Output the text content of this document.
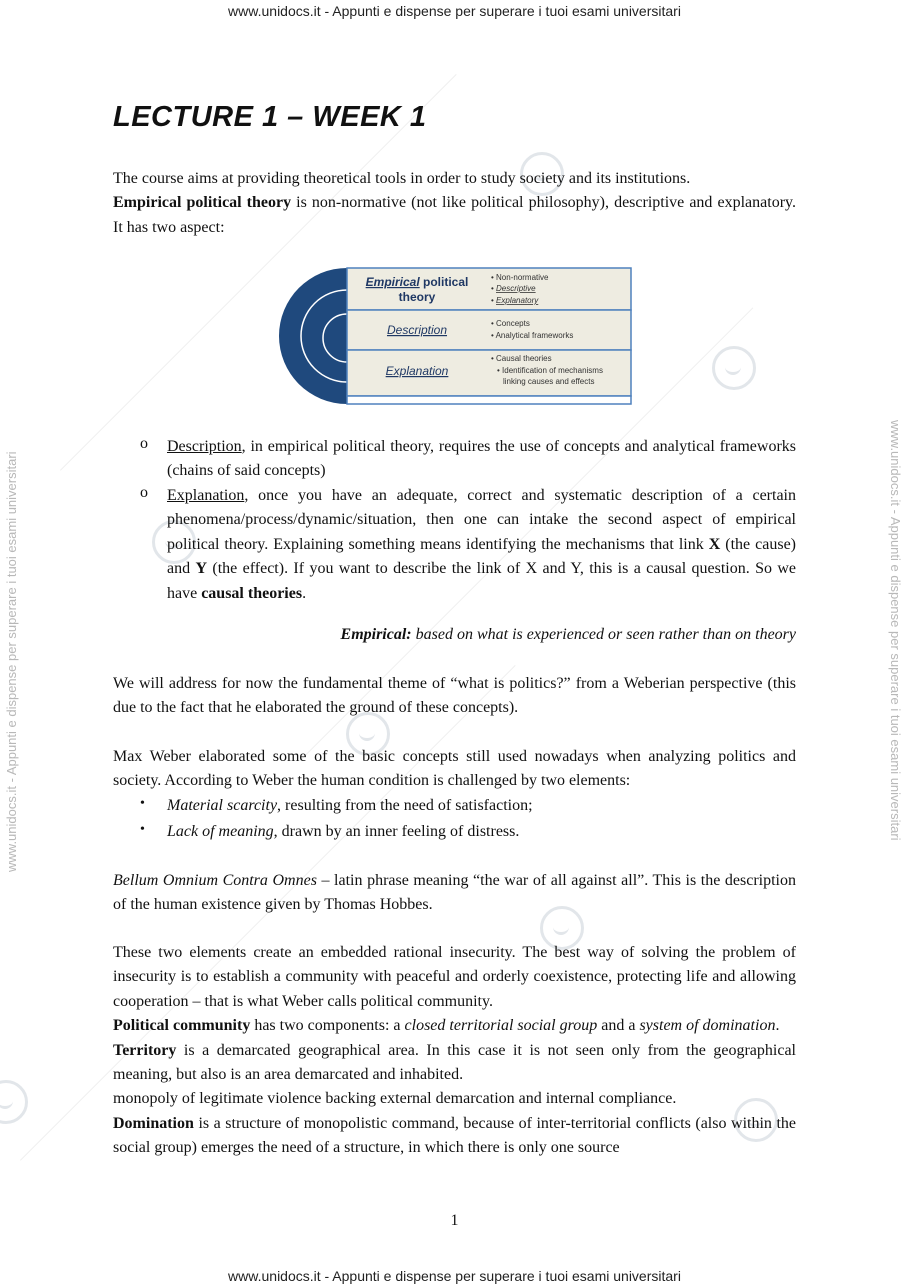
www.unidocs.it - Appunti e dispense per superare i tuoi esami universitari
www.unidocs.it - Appunti e dispense per superare i tuoi esami universitari
www.unidocs.it - Appunti e dispense per superare i tuoi esami universitari	www.unidocs.it - Appunti e dispense per superare i tuoi esami universitari
LECTURE 1 – WEEK 1
The course aims at providing theoretical tools in order to study society and its institutions.
Empirical political theory is non-normative (not like political philosophy), descriptive and explanatory. It has two aspect:
Empirical political
theory
Description
Explanation
• Non-normative
• Descriptive
• Explanatory
• Concepts
• Analytical frameworks
• Causal theories
• Identification of mechanisms
linking causes and effects
o Description, in empirical political theory, requires the use of concepts and analytical frameworks (chains of said concepts)
o Explanation, once you have an adequate, correct and systematic description of a certain phenomena/process/dynamic/situation, then one can intake the second aspect of empirical political theory. Explaining something means identifying the mechanisms that link X (the cause) and Y (the effect). If you want to describe the link of X and Y, this is a causal question. So we have causal theories.
Empirical: based on what is experienced or seen rather than on theory
We will address for now the fundamental theme of “what is politics?” from a Weberian perspective (this due to the fact that he elaborated the ground of these concepts).
Max Weber elaborated some of the basic concepts still used nowadays when analyzing politics and society. According to Weber the human condition is challenged by two elements:
• Material scarcity, resulting from the need of satisfaction;
• Lack of meaning, drawn by an inner feeling of distress.
Bellum Omnium Contra Omnes – latin phrase meaning “the war of all against all”. This is the description of the human existence given by Thomas Hobbes.
These two elements create an embedded rational insecurity. The best way of solving the problem of insecurity is to establish a community with peaceful and orderly coexistence, protecting life and allowing cooperation – that is what Weber calls political community.
Political community has two components: a closed territorial social group and a system of domination.
Territory is a demarcated geographical area. In this case it is not seen only from the geographical meaning, but also is an area demarcated and inhabited.
monopoly of legitimate violence backing external demarcation and internal compliance.
Domination is a structure of monopolistic command, because of inter-territorial conflicts (also within the social group) emerges the need of a structure, in which there is only one source
1
